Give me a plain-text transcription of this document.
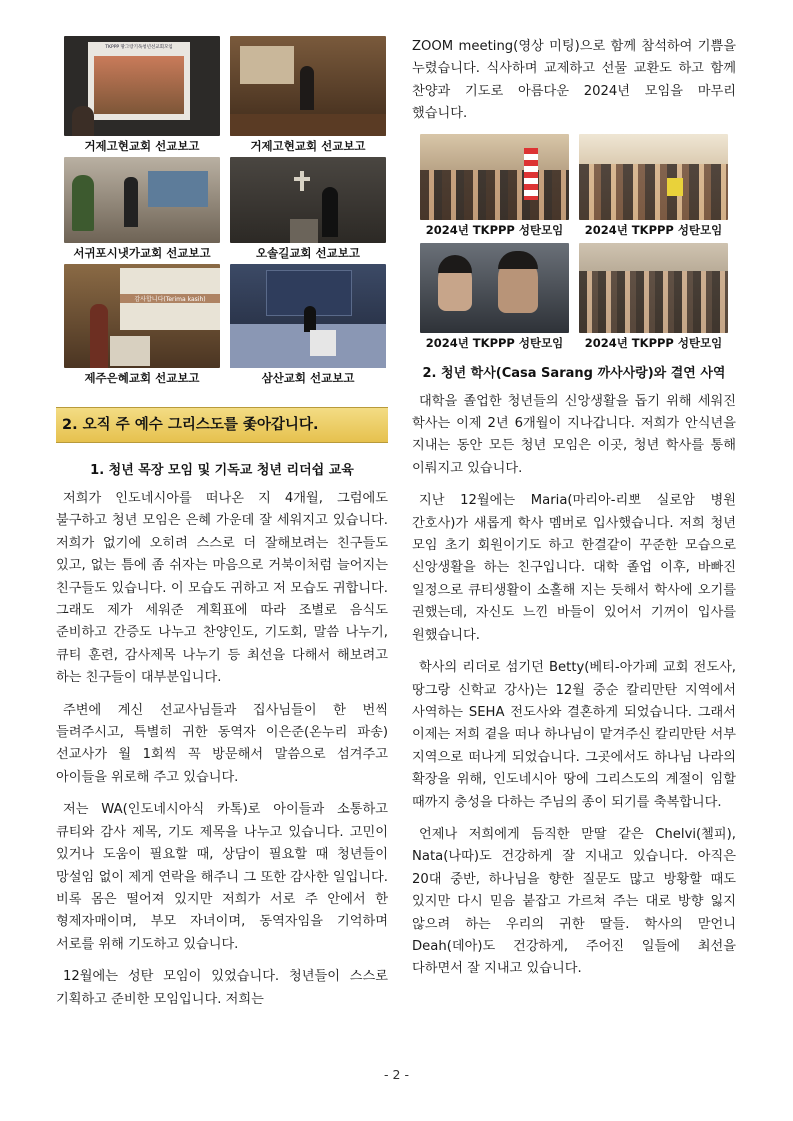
TKPPP 땅그랑기독청년선교회모임
거제고현교회 선교보고	거제고현교회 선교보고
서귀포시냇가교회 선교보고	오솔길교회 선교보고
감사합니다(Terima kasih)
제주은혜교회 선교보고	삼산교회 선교보고
2. 오직 주 예수 그리스도를 좇아갑니다.
1. 청년 목장 모임 및 기독교 청년 리더쉽 교육

저희가 인도네시아를 떠나온 지 4개월, 그럼에도 불구하고 청년 모임은 은혜 가운데 잘 세워지고 있습니다. 저희가 없기에 오히려 스스로 더 잘해보려는 친구들도 있고, 없는 틈에 좀 쉬자는 마음으로 거북이처럼 늘어지는 친구들도 있습니다. 이 모습도 귀하고 저 모습도 귀합니다. 그래도 제가 세워준 계획표에 따라 조별로 음식도 준비하고 간증도 나누고 찬양인도, 기도회, 말씀 나누기, 큐티 훈련, 감사제목 나누기 등 최선을 다해서 해보려고 하는 친구들이 대부분입니다.

주변에 계신 선교사님들과 집사님들이 한 번씩 들려주시고, 특별히 귀한 동역자 이은준(온누리 파송) 선교사가 월 1회씩 꼭 방문해서 말씀으로 섬겨주고 아이들을 위로해 주고 있습니다.

저는 WA(인도네시아식 카톡)로 아이들과 소통하고 큐티와 감사 제목, 기도 제목을 나누고 있습니다. 고민이 있거나 도움이 필요할 때, 상담이 필요할 때 청년들이 망설임 없이 제게 연락을 해주니 그 또한 감사한 일입니다. 비록 몸은 떨어져 있지만 저희가 서로 주 안에서 한 형제자매이며, 부모 자녀이며, 동역자임을 기억하며 서로를 위해 기도하고 있습니다.

12월에는 성탄 모임이 있었습니다. 청년들이 스스로 기획하고 준비한 모임입니다. 저희는

ZOOM meeting(영상 미팅)으로 함께 참석하여 기쁨을 누렸습니다. 식사하며 교제하고 선물 교환도 하고 함께 찬양과 기도로 아름다운 2024년 모임을 마무리 했습니다.

2024년 TKPPP 성탄모임	2024년 TKPPP 성탄모임
2024년 TKPPP 성탄모임	2024년 TKPPP 성탄모임
2. 청년 학사(Casa Sarang 까사사랑)와 결연 사역

대학을 졸업한 청년들의 신앙생활을 돕기 위해 세워진 학사는 이제 2년 6개월이 지나갑니다. 저희가 안식년을 지내는 동안 모든 청년 모임은 이곳, 청년 학사를 통해 이뤄지고 있습니다.

지난 12월에는 Maria(마리아-리뽀 실로암 병원 간호사)가 새롭게 학사 멤버로 입사했습니다. 저희 청년 모임 초기 회원이기도 하고 한결같이 꾸준한 모습으로 신앙생활을 하는 친구입니다. 대학 졸업 이후, 바빠진 일정으로 큐티생활이 소홀해 지는 듯해서 학사에 오기를 권했는데, 자신도 느낀 바들이 있어서 기꺼이 입사를 원했습니다.

학사의 리더로 섬기던 Betty(베티-아가페 교회 전도사, 땅그랑 신학교 강사)는 12월 중순 칼리만탄 지역에서 사역하는 SEHA 전도사와 결혼하게 되었습니다. 그래서 이제는 저희 곁을 떠나 하나님이 맡겨주신 칼리만탄 서부 지역으로 떠나게 되었습니다. 그곳에서도 하나님 나라의 확장을 위해, 인도네시아 땅에 그리스도의 계절이 임할 때까지 충성을 다하는 주님의 종이 되기를 축복합니다.

언제나 저희에게 듬직한 맏딸 같은 Chelvi(첼피), Nata(나따)도 건강하게 잘 지내고 있습니다. 아직은 20대 중반, 하나님을 향한 질문도 많고 방황할 때도 있지만 다시 믿음 붙잡고 가르쳐 주는 대로 방향 잃지 않으려 하는 우리의 귀한 딸들. 학사의 맏언니 Deah(데아)도 건강하게, 주어진 일들에 최선을 다하면서 잘 지내고 있습니다.

- 2 -
